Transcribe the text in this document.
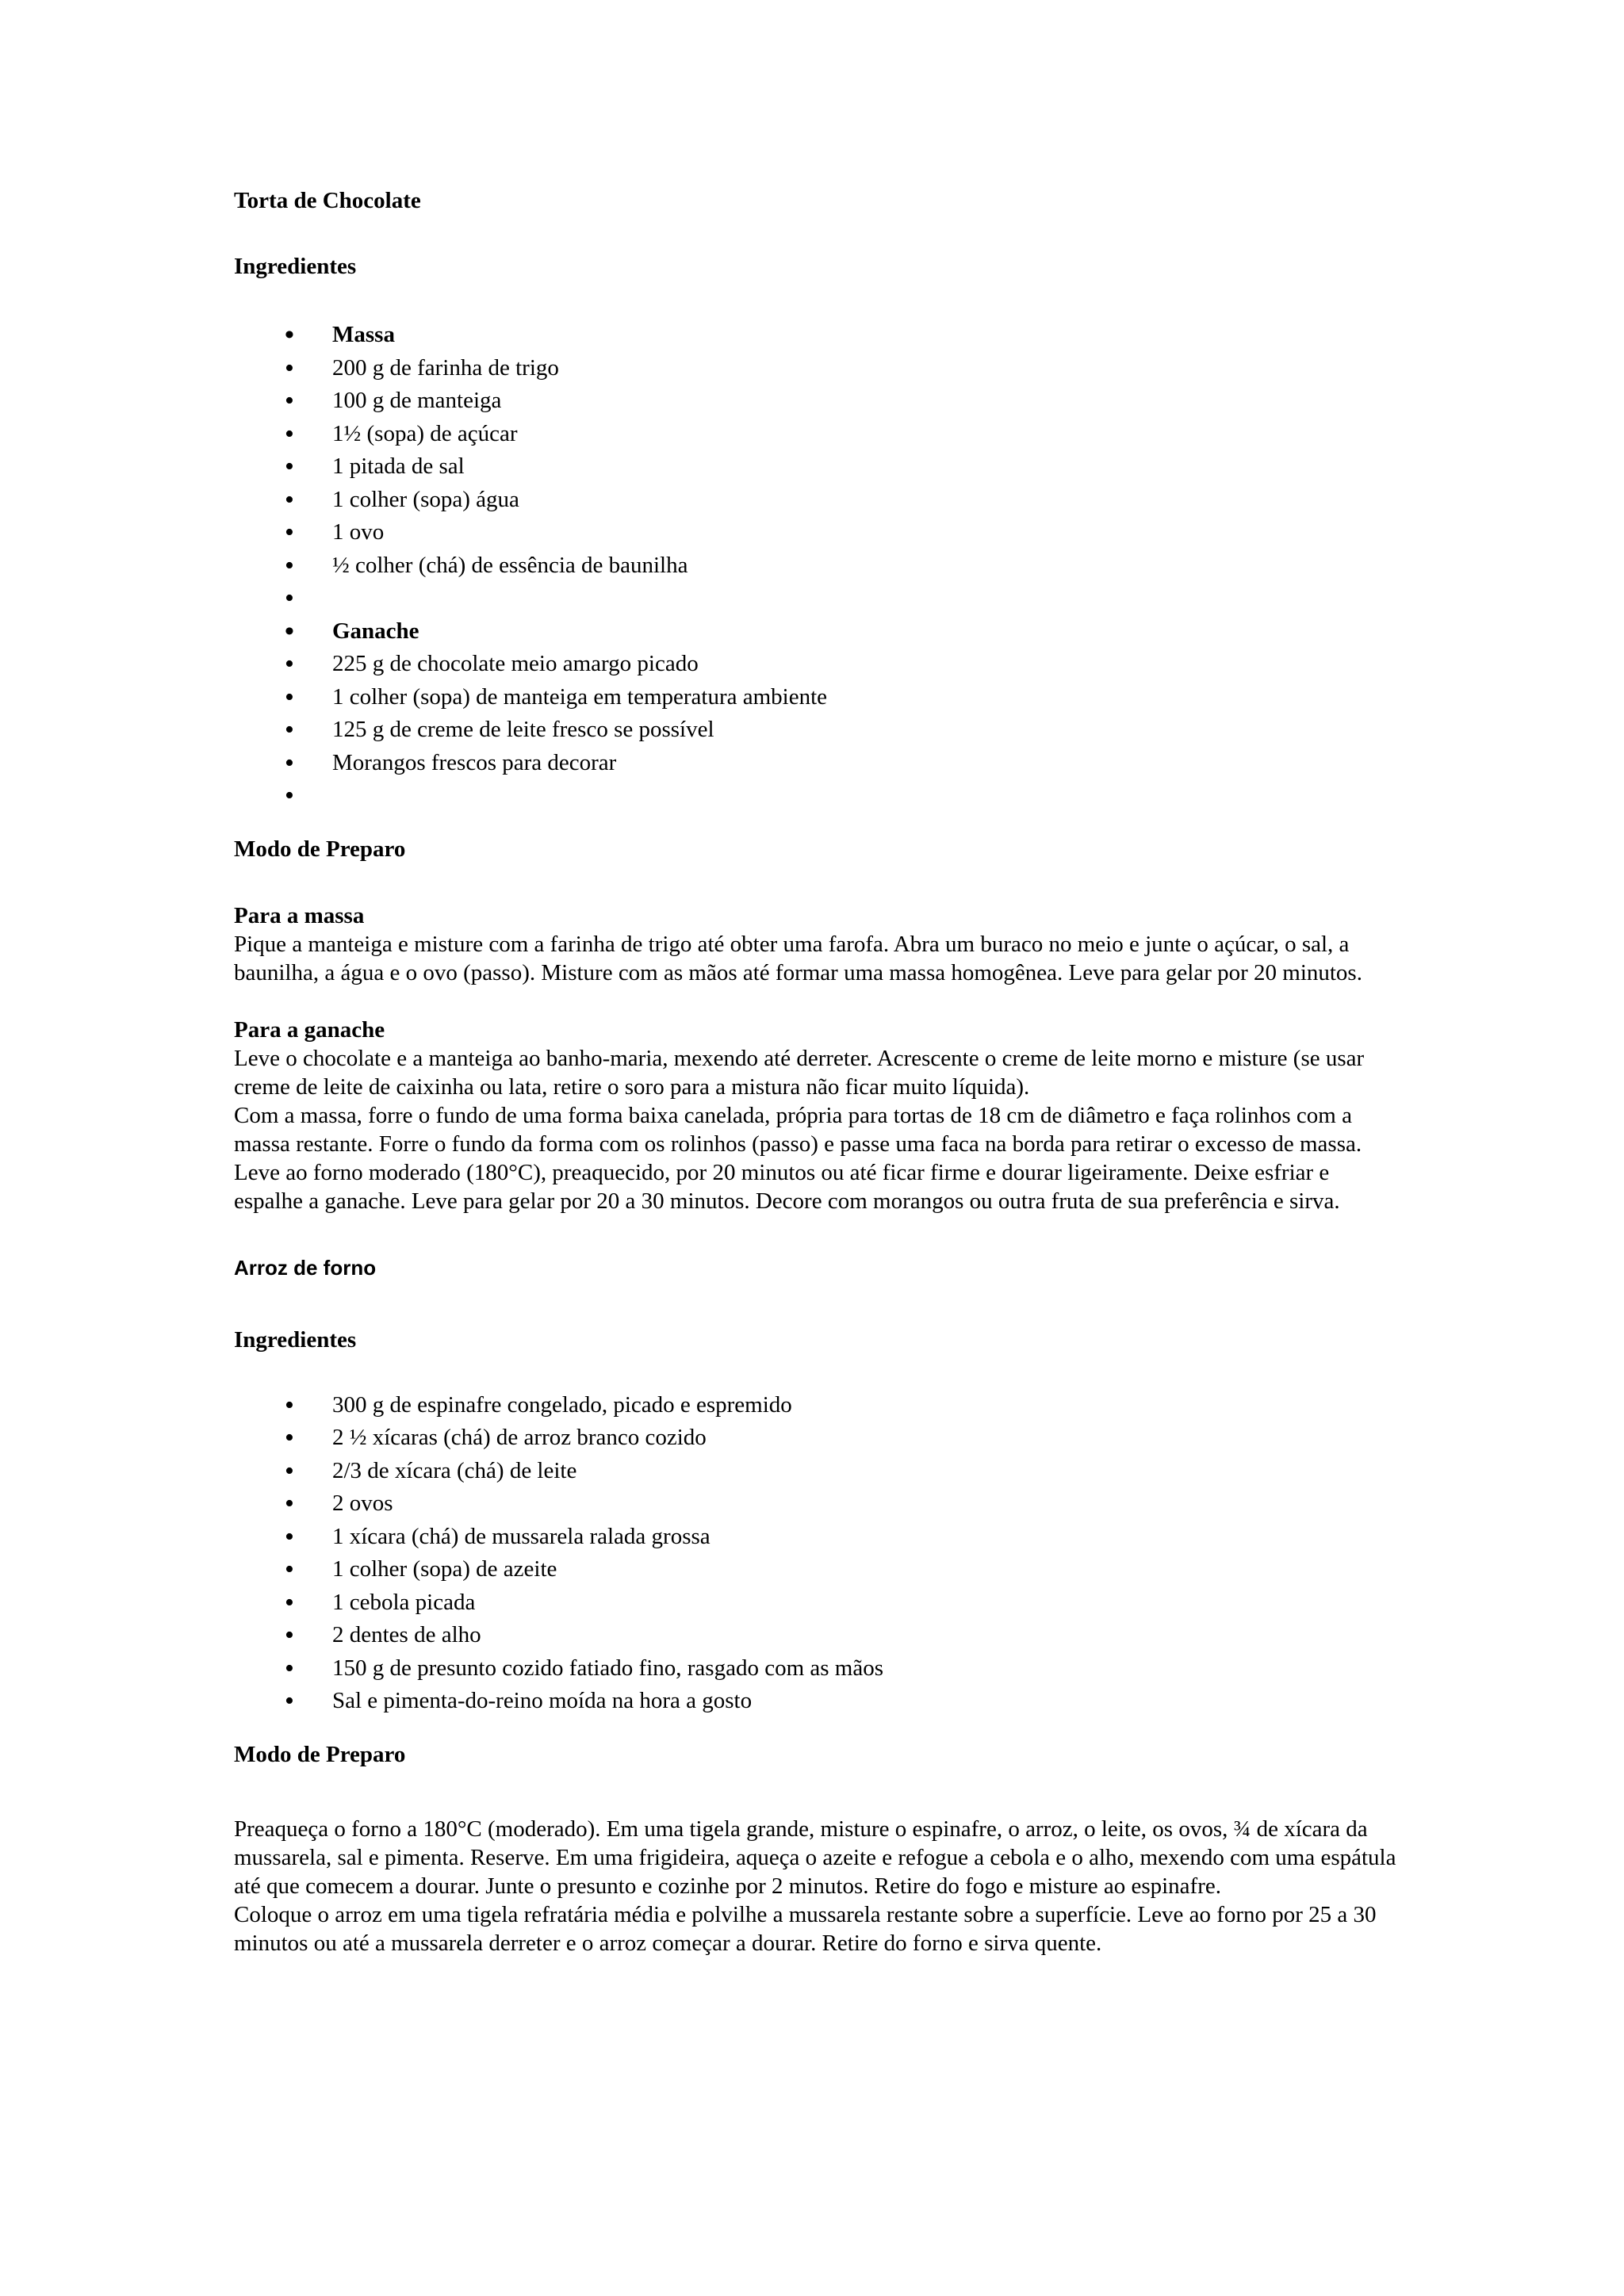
Torta de Chocolate

Ingredientes

• Massa
• 200 g de farinha de trigo
• 100 g de manteiga
• 1½ (sopa) de açúcar
• 1 pitada de sal
• 1 colher (sopa) água
• 1 ovo
• ½ colher (chá) de essência de baunilha
•
• Ganache
• 225 g de chocolate meio amargo picado
• 1 colher (sopa) de manteiga em temperatura ambiente
• 125 g de creme de leite fresco se possível
• Morangos frescos para decorar
•

Modo de Preparo

Para a massa

Pique a manteiga e misture com a farinha de trigo até obter uma farofa. Abra um buraco no meio e junte o açúcar, o sal, a baunilha, a água e o ovo (passo). Misture com as mãos até formar uma massa homogênea. Leve para gelar por 20 minutos.

Para a ganache

Leve o chocolate e a manteiga ao banho-maria, mexendo até derreter. Acrescente o creme de leite morno e misture (se usar creme de leite de caixinha ou lata, retire o soro para a mistura não ficar muito líquida).

Com a massa, forre o fundo de uma forma baixa canelada, própria para tortas de 18 cm de diâmetro e faça rolinhos com a massa restante. Forre o fundo da forma com os rolinhos (passo) e passe uma faca na borda para retirar o excesso de massa. Leve ao forno moderado (180°C), preaquecido, por 20 minutos ou até ficar firme e dourar ligeiramente. Deixe esfriar e espalhe a ganache. Leve para gelar por 20 a 30 minutos. Decore com morangos ou outra fruta de sua preferência e sirva.

Arroz de forno

Ingredientes

• 300 g de espinafre congelado, picado e espremido
• 2 ½ xícaras (chá) de arroz branco cozido
• 2/3 de xícara (chá) de leite
• 2 ovos
• 1 xícara (chá) de mussarela ralada grossa
• 1 colher (sopa) de azeite
• 1 cebola picada
• 2 dentes de alho
• 150 g de presunto cozido fatiado fino, rasgado com as mãos
• Sal e pimenta-do-reino moída na hora a gosto

Modo de Preparo

Preaqueça o forno a 180°C (moderado). Em uma tigela grande, misture o espinafre, o arroz, o leite, os ovos, ¾ de xícara da mussarela, sal e pimenta. Reserve. Em uma frigideira, aqueça o azeite e refogue a cebola e o alho, mexendo com uma espátula até que comecem a dourar. Junte o presunto e cozinhe por 2 minutos. Retire do fogo e misture ao espinafre.

Coloque o arroz em uma tigela refratária média e polvilhe a mussarela restante sobre a superfície. Leve ao forno por 25 a 30 minutos ou até a mussarela derreter e o arroz começar a dourar. Retire do forno e sirva quente.
